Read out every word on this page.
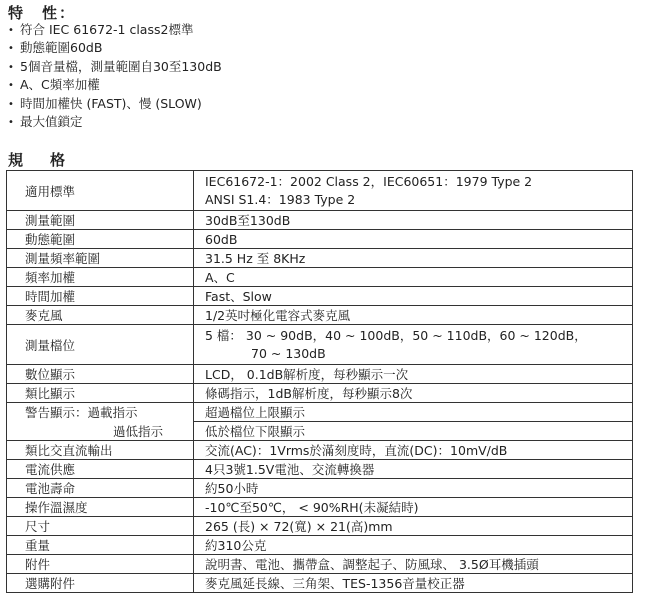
特　性：
• 符合 IEC 61672-1 class2標準
• 動態範圍60dB
• 5個音量檔，測量範圍自30至130dB
• A、C頻率加權
• 時間加權快 (FAST)、慢 (SLOW)
• 最大值鎖定
規　格
適用標準	IEC61672-1：2002 Class 2，IEC60651：1979 Type 2
ANSI S1.4：1983 Type 2

測量範圍	30dB至130dB
動態範圍	60dB
測量頻率範圍	31.5 Hz 至 8KHz
頻率加權	A、C
時間加權	Fast、Slow
麥克風	1/2英吋極化電容式麥克風
測量檔位	5 檔： 30 ~ 90dB，40 ~ 100dB，50 ~ 110dB，60 ~ 120dB，
70 ~ 130dB

數位顯示	LCD， 0.1dB解析度，每秒顯示一次
類比顯示	條碼指示，1dB解析度，每秒顯示8次
警告顯示：過載指示	超過檔位上限顯示

過低指示	低於檔位下限顯示
類比交直流輸出	交流(AC)：1Vrms於滿刻度時，直流(DC)：10mV/dB
電流供應	4只3號1.5V電池、交流轉換器
電池壽命	約50小時
操作溫濕度	-10℃至50℃， < 90%RH(未凝結時)
尺寸	265 (長) × 72(寬) × 21(高)mm
重量	約310公克
附件	說明書、電池、攜帶盒、調整起子、防風球、 3.5Ø耳機插頭
選購附件	麥克風延長線、三角架、TES-1356音量校正器
